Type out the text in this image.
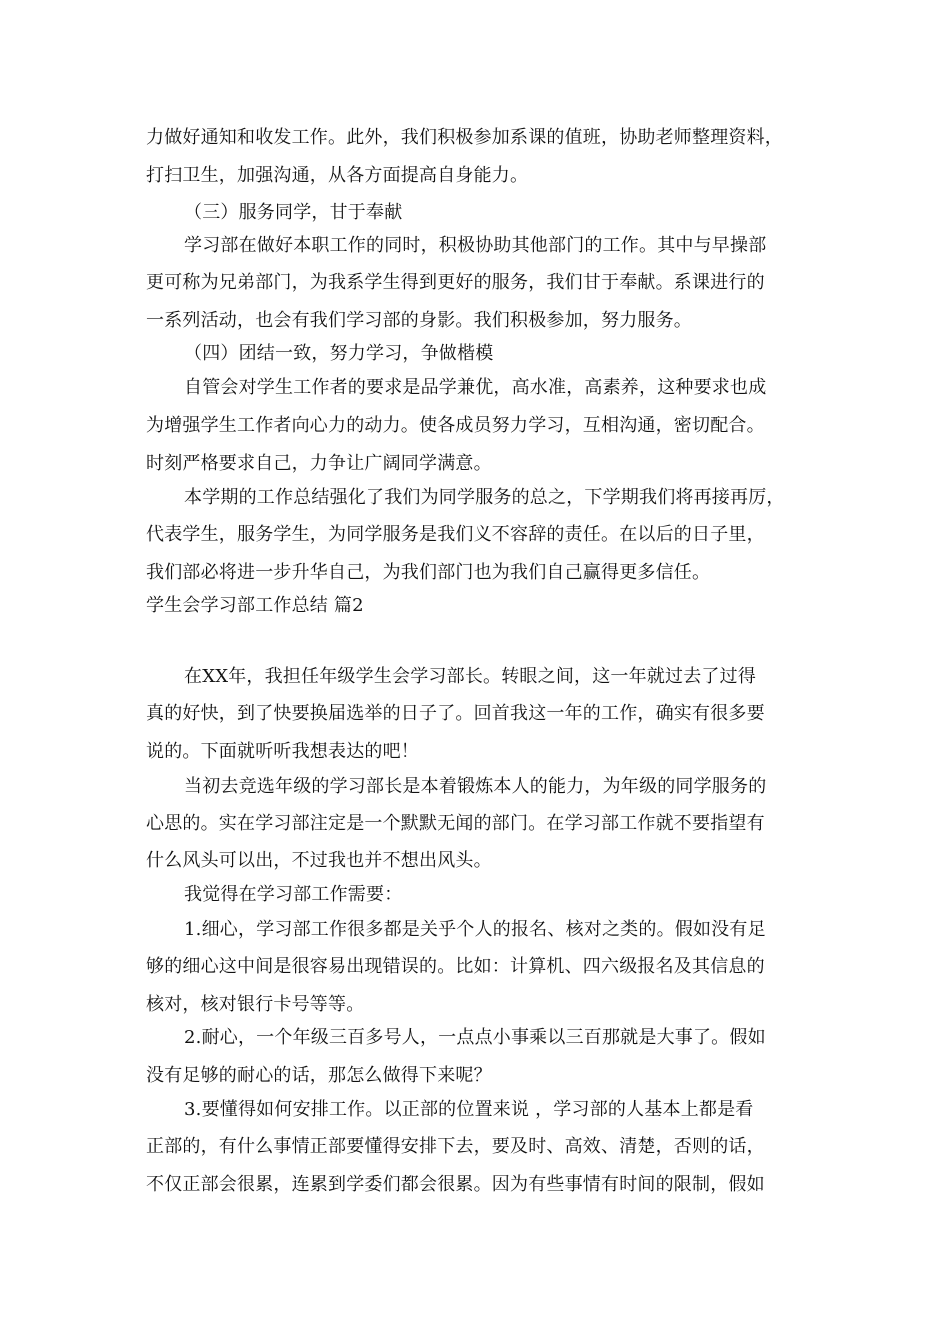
力做好通知和收发工作。此外，我们积极参加系课的值班，协助老师整理资料，
打扫卫生，加强沟通，从各方面提高自身能力。
（三）服务同学，甘于奉献
学习部在做好本职工作的同时，积极协助其他部门的工作。其中与早操部
更可称为兄弟部门，为我系学生得到更好的服务，我们甘于奉献。系课进行的
一系列活动，也会有我们学习部的身影。我们积极参加，努力服务。
（四）团结一致，努力学习，争做楷模
自管会对学生工作者的要求是品学兼优，高水准，高素养，这种要求也成
为增强学生工作者向心力的动力。使各成员努力学习，互相沟通，密切配合。
时刻严格要求自己，力争让广阔同学满意。
本学期的工作总结强化了我们为同学服务的总之，下学期我们将再接再厉，
代表学生，服务学生，为同学服务是我们义不容辞的责任。在以后的日子里，
我们部必将进一步升华自己，为我们部门也为我们自己赢得更多信任。
学生会学习部工作总结 篇2
在XX年，我担任年级学生会学习部长。转眼之间，这一年就过去了过得
真的好快，到了快要换届选举的日子了。回首我这一年的工作，确实有很多要
说的。下面就听听我想表达的吧！
当初去竞选年级的学习部长是本着锻炼本人的能力，为年级的同学服务的
心思的。实在学习部注定是一个默默无闻的部门。在学习部工作就不要指望有
什么风头可以出，不过我也并不想出风头。
我觉得在学习部工作需要：
1.细心，学习部工作很多都是关乎个人的报名、核对之类的。假如没有足
够的细心这中间是很容易出现错误的。比如：计算机、四六级报名及其信息的
核对，核对银行卡号等等。
2.耐心，一个年级三百多号人，一点点小事乘以三百那就是大事了。假如
没有足够的耐心的话，那怎么做得下来呢？
3.要懂得如何安排工作。以正部的位置来说 ，学习部的人基本上都是看
正部的，有什么事情正部要懂得安排下去，要及时、高效、清楚，否则的话，
不仅正部会很累，连累到学委们都会很累。因为有些事情有时间的限制，假如
